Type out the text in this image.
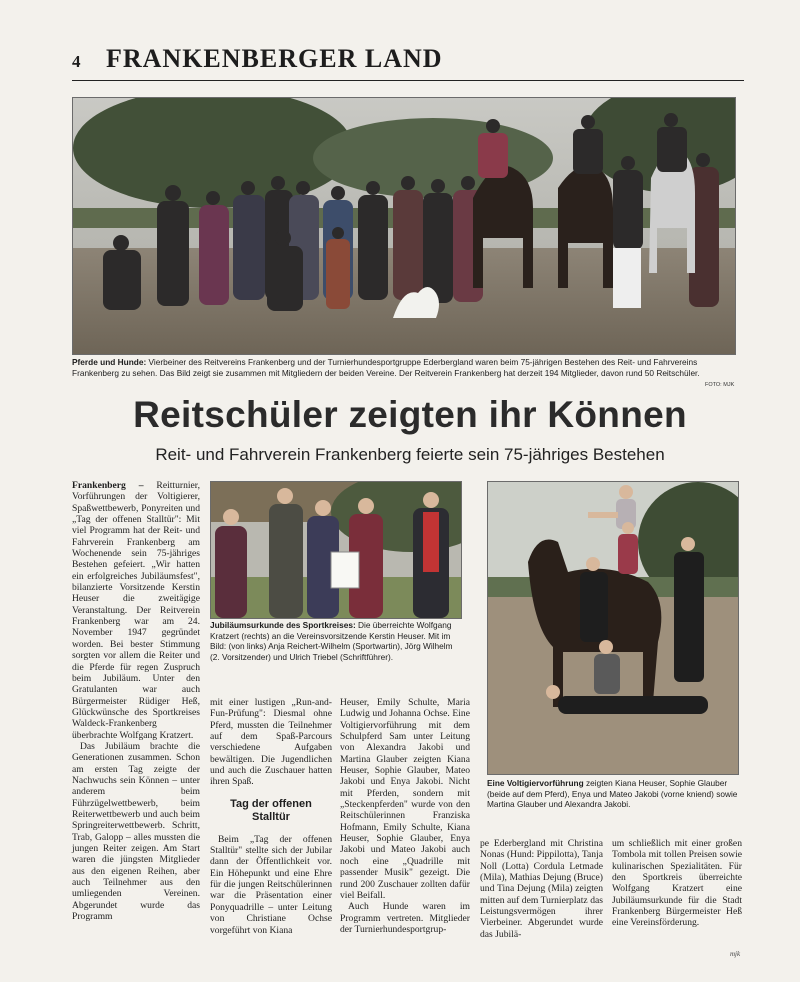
4 FRANKENBERGER LAND
Pferde und Hunde: Vierbeiner des Reitvereins Frankenberg und der Turnierhundesportgruppe Ederbergland waren beim 75-jährigen Bestehen des Reit- und Fahrvereins Frankenberg zu sehen. Das Bild zeigt sie zusammen mit Mitgliedern der beiden Vereine. Der Reitverein Frankenberg hat derzeit 194 Mitglieder, davon rund 50 Reitschüler.
FOTO: MJK
Reitschüler zeigten ihr Können
Reit- und Fahrverein Frankenberg feierte sein 75-jähriges Bestehen
Jubiläumsurkunde des Sportkreises: Die überreichte Wolfgang Kratzert (rechts) an die Vereinsvorsitzende Kerstin Heuser. Mit im Bild: (von links) Anja Reichert-Wilhelm (Sportwartin), Jörg Wilhelm (2. Vorsitzender) und Ulrich Triebel (Schriftführer).
Eine Voltigiervorführung zeigten Kiana Heuser, Sophie Glauber (beide auf dem Pferd), Enya und Mateo Jakobi (vorne kniend) sowie Martina Glauber und Alexandra Jakobi.

Frankenberg – Reitturnier, Vorführungen der Voltigierer, Spaßwettbewerb, Ponyreiten und „Tag der offenen Stalltür": Mit viel Programm hat der Reit- und Fahrverein Frankenberg am Wochenende sein 75-jähriges Bestehen gefeiert. „Wir hatten ein erfolgreiches Jubiläumsfest", bilanzierte Vorsitzende Kerstin Heuser die zweitägige Veranstaltung. Der Reitverein Frankenberg war am 24. November 1947 gegründet worden. Bei bester Stimmung sorgten vor allem die Reiter und die Pferde für regen Zuspruch beim Jubiläum. Unter den Gratulanten war auch Bürgermeister Rüdiger Heß, Glückwünsche des Sportkreises Waldeck-Frankenberg überbrachte Wolfgang Kratzert.

Das Jubiläum brachte die Generationen zusammen. Schon am ersten Tag zeigte der Nachwuchs sein Können – unter anderem beim Führzügelwettbewerb, beim Reiterwettbewerb und auch beim Springreiterwettbewerb. Schritt, Trab, Galopp – alles mussten die jungen Reiter zeigen. Am Start waren die jüngsten Mitglieder aus den eigenen Reihen, aber auch Teilnehmer aus den umliegenden Vereinen. Abgerundet wurde das Programm

mit einer lustigen „Run-and-Fun-Prüfung": Diesmal ohne Pferd, mussten die Teilnehmer auf dem Spaß-Parcours verschiedene Aufgaben bewältigen. Die Jugendlichen und auch die Zuschauer hatten ihren Spaß.

Tag der offenen Stalltür

Beim „Tag der offenen Stalltür" stellte sich der Jubilar dann der Öffentlichkeit vor. Ein Höhepunkt und eine Ehre für die jungen Reitschülerinnen war die Präsentation einer Ponyquadrille – unter Leitung von Christiane Ochse vorgeführt von Kiana

Heuser, Emily Schulte, Maria Ludwig und Johanna Ochse. Eine Voltigiervorführung mit dem Schulpferd Sam unter Leitung von Alexandra Jakobi und Martina Glauber zeigten Kiana Heuser, Sophie Glauber, Mateo Jakobi und Enya Jakobi. Nicht mit Pferden, sondern mit „Steckenpferden" wurde von den Reitschülerinnen Franziska Hofmann, Emily Schulte, Kiana Heuser, Sophie Glauber, Enya Jakobi und Mateo Jakobi auch noch eine „Quadrille mit passender Musik" gezeigt. Die rund 200 Zuschauer zollten dafür viel Beifall.

Auch Hunde waren im Programm vertreten. Mitglieder der Turnierhundesportgrup-

pe Ederbergland mit Christina Nonas (Hund: Pippilotta), Tanja Noll (Lotta) Cordula Letmade (Mila), Mathias Dejung (Bruce) und Tina Dejung (Mila) zeigten mitten auf dem Turnierplatz das Leistungsvermögen ihrer Vierbeiner. Abgerundet wurde das Jubilä-

um schließlich mit einer großen Tombola mit tollen Preisen sowie kulinarischen Spezialitäten. Für den Sportkreis überreichte Wolfgang Kratzert eine Jubiläumsurkunde für die Stadt Frankenberg Bürgermeister Heß eine Vereinsförderung.

mjk
